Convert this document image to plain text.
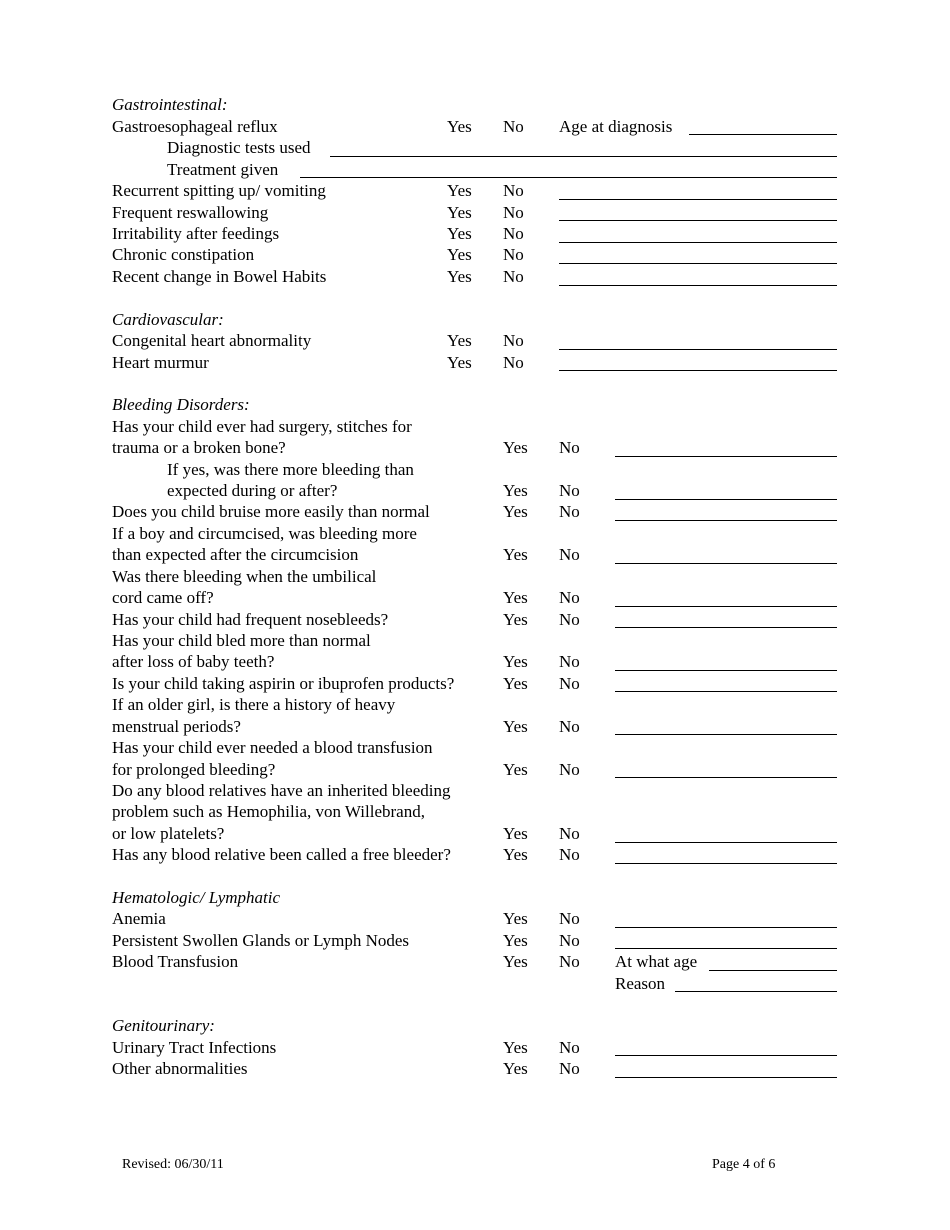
Gastrointestinal:
Gastroesophageal reflux	Yes No Age at diagnosis
Diagnostic tests used
Treatment given
Recurrent spitting up/ vomiting	Yes No
Frequent reswallowing	Yes No
Irritability after feedings	Yes No
Chronic constipation	Yes No
Recent change in Bowel Habits	Yes No
Cardiovascular:
Congenital heart abnormality	Yes No
Heart murmur	Yes No
Bleeding Disorders:
Has your child ever had surgery, stitches for
trauma or a broken bone?	Yes No
If yes, was there more bleeding than
expected during or after?	Yes No
Does you child bruise more easily than normal	Yes No
If a boy and circumcised, was bleeding more
than expected after the circumcision	Yes No
Was there bleeding when the umbilical
cord came off?	Yes No
Has your child had frequent nosebleeds?	Yes No
Has your child bled more than normal
after loss of baby teeth?	Yes No
Is your child taking aspirin or ibuprofen products?	Yes No
If an older girl, is there a history of heavy
menstrual periods?	Yes No
Has your child ever needed a blood transfusion
for prolonged bleeding?	Yes No
Do any blood relatives have an inherited bleeding
problem such as Hemophilia, von Willebrand,
or low platelets?	Yes No
Has any blood relative been called a free bleeder?	Yes No
Hematologic/ Lymphatic
Anemia	Yes No
Persistent Swollen Glands or Lymph Nodes	Yes No
Blood Transfusion	Yes No At what age
Reason
Genitourinary:
Urinary Tract Infections	Yes No
Other abnormalities	Yes No
Revised: 06/30/11	Page 4 of 6
